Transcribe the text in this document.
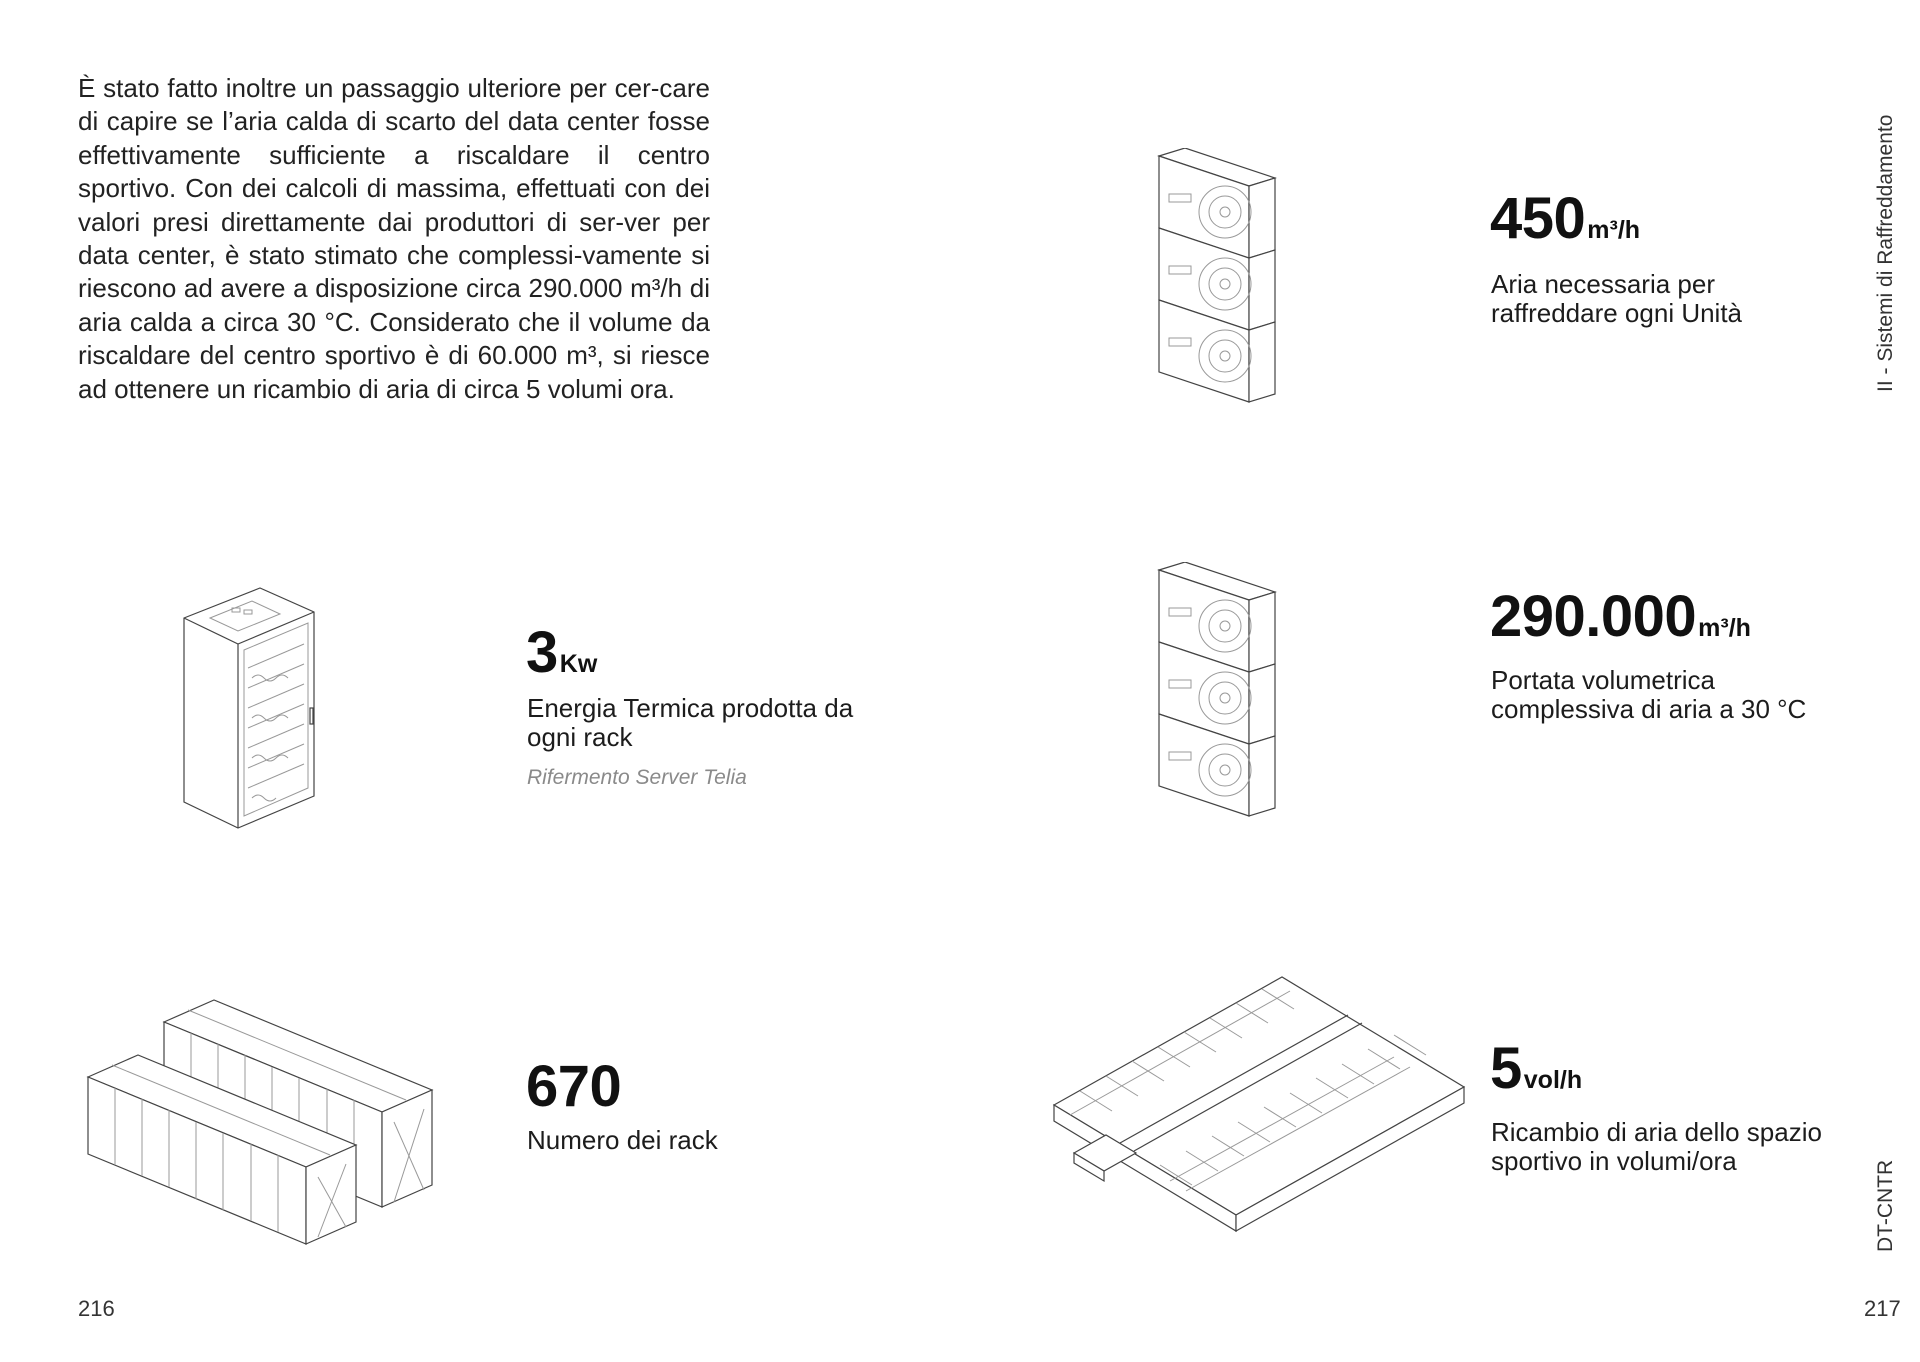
È stato fatto inoltre un passaggio ulteriore per cer-care di capire se l’aria calda di scarto del data center fosse effettivamente sufficiente a riscaldare il centro sportivo. Con dei calcoli di massima, effettuati con dei valori presi direttamente dai produttori di ser-ver per data center, è stato stimato che complessi-vamente si riescono ad avere a disposizione circa 290.000 m³/h di aria calda a circa 30 °C. Considerato che il volume da riscaldare del centro sportivo è di 60.000 m³, si riesce ad ottenere un ricambio di aria di circa 5 volumi ora.
3Kw
Energia Termica prodotta da
ogni rack
Rifermento Server Telia
670
Numero dei rack
450m³/h
Aria necessaria per
raffreddare ogni Unità
290.000m³/h
Portata volumetrica
complessiva di aria a 30 °C
5vol/h
Ricambio di aria dello spazio
sportivo in volumi/ora
II - Sistemi di Raffreddamento
DT-CNTR
216	217
